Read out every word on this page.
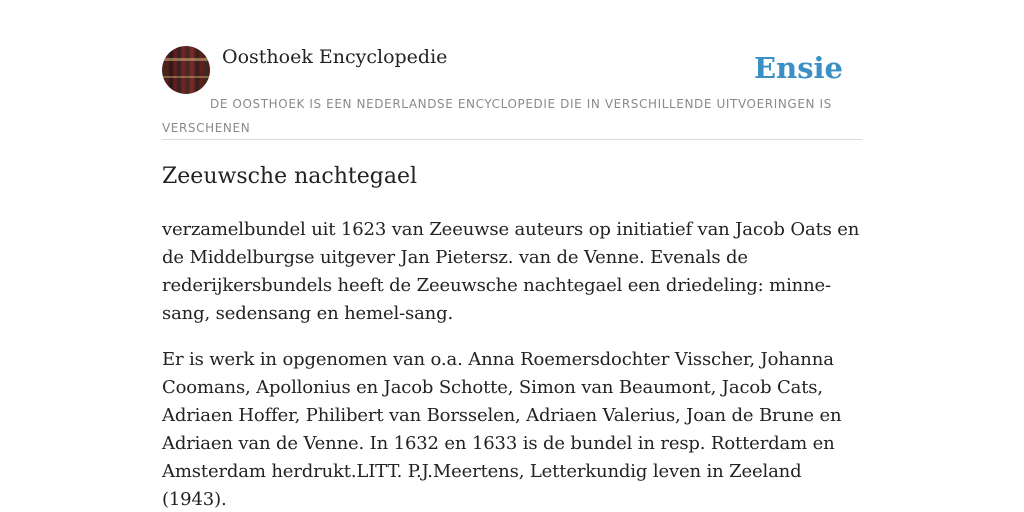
Oosthoek Encyclopedie	Ensie
DE OOSTHOEK IS EEN NEDERLANDSE ENCYCLOPEDIE DIE IN VERSCHILLENDE UITVOERINGEN IS VERSCHENEN
Zeeuwsche nachtegael

verzamelbundel uit 1623 van Zeeuwse auteurs op initiatief van Jacob Oats en de Middelburgse uitgever Jan Pietersz. van de Venne. Evenals de rederijkersbundels heeft de Zeeuwsche nachtegael een driedeling: minne-sang, sedensang en hemel-sang.

Er is werk in opgenomen van o.a. Anna Roemersdochter Visscher, Johanna Coomans, Apollonius en Jacob Schotte, Simon van Beaumont, Jacob Cats, Adriaen Hoffer, Philibert van Borsselen, Adriaen Valerius, Joan de Brune en Adriaen van de Venne. In 1632 en 1633 is de bundel in resp. Rotterdam en Amsterdam herdrukt.LITT. P.J.Meertens, Letterkundig leven in Zeeland (1943).
